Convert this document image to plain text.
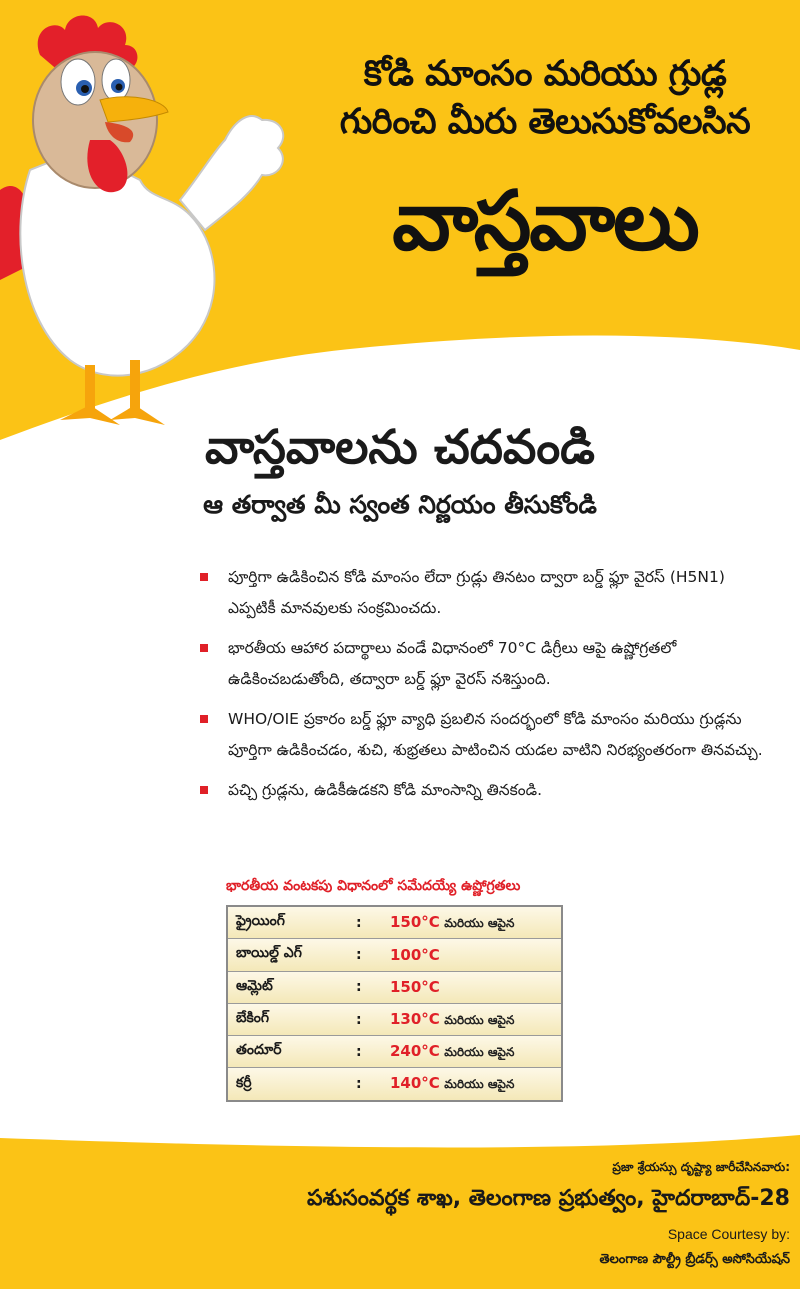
కోడి మాంసం మరియు గ్రుడ్ల
గురించి మీరు తెలుసుకోవలసిన
వాస్తవాలు
వాస్తవాలను చదవండి
ఆ తర్వాత మీ స్వంత నిర్ణయం తీసుకోండి
పూర్తిగా ఉడికించిన కోడి మాంసం లేదా గ్రుడ్లు తినటం ద్వారా బర్డ్ ఫ్లూ వైరస్ (H5N1) ఎప్పటికీ మానవులకు సంక్రమించదు.
భారతీయ ఆహార పదార్థాలు వండే విధానంలో 70°C డిగ్రీలు ఆపై ఉష్ణోగ్రతలో ఉడికించబడుతోంది, తద్వారా బర్డ్ ఫ్లూ వైరస్ నశిస్తుంది.
WHO/OIE ప్రకారం బర్డ్ ఫ్లూ వ్యాధి ప్రబలిన సందర్భంలో కోడి మాంసం మరియు గ్రుడ్లను పూర్తిగా ఉడికించడం, శుచి, శుభ్రతలు పాటించిన యడల వాటిని నిరభ్యంతరంగా తినవచ్చు.
పచ్చి గ్రుడ్లను, ఉడికీఉడకని కోడి మాంసాన్ని తినకండి.
భారతీయ వంటకపు విధానంలో సమేదయ్యే ఉష్ణోగ్రతలు
ఫ్రైయింగ్	:	150°C మరియు ఆపైన
బాయిల్డ్ ఎగ్	:	100°C
ఆమ్లెట్	:	150°C
బేకింగ్	:	130°C మరియు ఆపైన
తందూర్	:	240°C మరియు ఆపైన
కర్రీ	:	140°C మరియు ఆపైన
ప్రజా శ్రేయస్సు దృష్ట్యా జారీచేసినవారు:
పశుసంవర్థక శాఖ, తెలంగాణ ప్రభుత్వం, హైదరాబాద్-28
Space Courtesy by:
తెలంగాణ పౌల్ట్రీ బ్రీడర్స్ అసోసియేషన్
